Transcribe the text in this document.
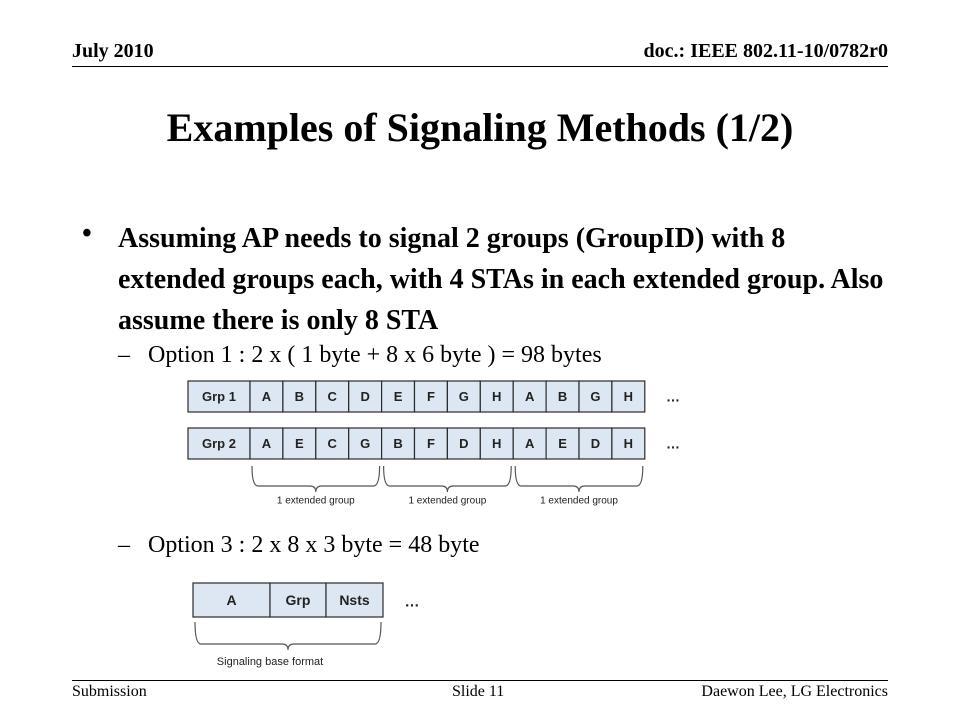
July 2010	doc.: IEEE 802.11-10/0782r0
Examples of Signaling Methods (1/2)
• Assuming AP needs to signal 2 groups (GroupID) with 8 extended groups each, with 4 STAs in each extended group. Also assume there is only 8 STA
– Option 1 : 2 x ( 1 byte + 8 x 6 byte ) = 98 bytes
– Option 3 : 2 x 8 x 3 byte = 48 byte
Grp 1 A B C D E F G H A B G H …
Grp 2 A E C G B F D H A E D H …
1 extended group	1 extended group	1 extended group
A	Grp Nsts …
Signaling base format
Submission	Slide 11	Daewon Lee, LG Electronics
